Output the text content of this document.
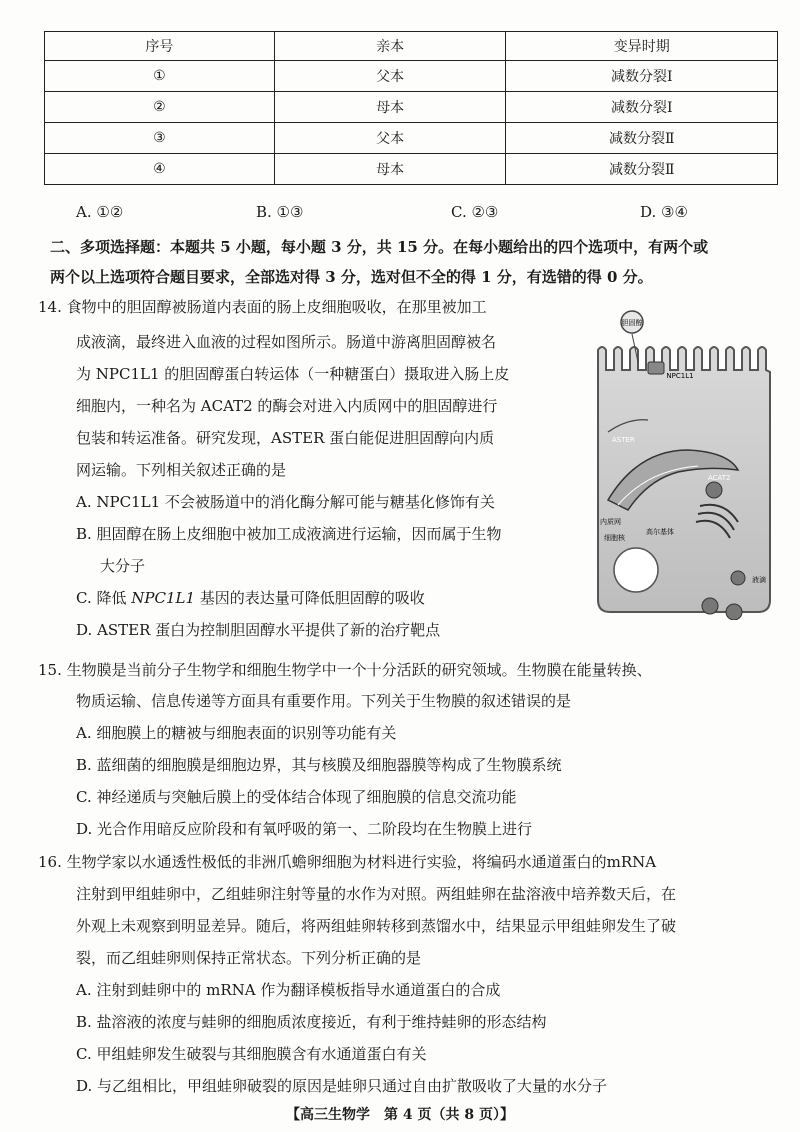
序号	亲本	变异时期
①	父本	减数分裂Ⅰ
②	母本	减数分裂Ⅰ
③	父本	减数分裂Ⅱ
④	母本	减数分裂Ⅱ
A. ①②	B. ①③	C. ②③	D. ③④
二、多项选择题：本题共 5 小题，每小题 3 分，共 15 分。在每小题给出的四个选项中，有两个或
两个以上选项符合题目要求，全部选对得 3 分，选对但不全的得 1 分，有选错的得 0 分。
14. 食物中的胆固醇被肠道内表面的肠上皮细胞吸收，在那里被加工
成液滴，最终进入血液的过程如图所示。肠道中游离胆固醇被名
为 NPC1L1 的胆固醇蛋白转运体（一种糖蛋白）摄取进入肠上皮
细胞内，一种名为 ACAT2 的酶会对进入内质网中的胆固醇进行
包装和转运准备。研究发现，ASTER 蛋白能促进胆固醇向内质
网运输。下列相关叙述正确的是
A. NPC1L1 不会被肠道中的消化酶分解可能与糖基化修饰有关
B. 胆固醇在肠上皮细胞中被加工成液滴进行运输，因而属于生物
大分子
C. 降低 NPC1L1 基因的表达量可降低胆固醇的吸收
D. ASTER 蛋白为控制胆固醇水平提供了新的治疗靶点
胆固醇
NPC1L1
ASTER
ACAT2
内质网
高尔基体
细胞核
液滴
15. 生物膜是当前分子生物学和细胞生物学中一个十分活跃的研究领域。生物膜在能量转换、
物质运输、信息传递等方面具有重要作用。下列关于生物膜的叙述错误的是
A. 细胞膜上的糖被与细胞表面的识别等功能有关
B. 蓝细菌的细胞膜是细胞边界，其与核膜及细胞器膜等构成了生物膜系统
C. 神经递质与突触后膜上的受体结合体现了细胞膜的信息交流功能
D. 光合作用暗反应阶段和有氧呼吸的第一、二阶段均在生物膜上进行
16. 生物学家以水通透性极低的非洲爪蟾卵细胞为材料进行实验，将编码水通道蛋白的mRNA
注射到甲组蛙卵中，乙组蛙卵注射等量的水作为对照。两组蛙卵在盐溶液中培养数天后，在
外观上未观察到明显差异。随后，将两组蛙卵转移到蒸馏水中，结果显示甲组蛙卵发生了破
裂，而乙组蛙卵则保持正常状态。下列分析正确的是
A. 注射到蛙卵中的 mRNA 作为翻译模板指导水通道蛋白的合成
B. 盐溶液的浓度与蛙卵的细胞质浓度接近，有利于维持蛙卵的形态结构
C. 甲组蛙卵发生破裂与其细胞膜含有水通道蛋白有关
D. 与乙组相比，甲组蛙卵破裂的原因是蛙卵只通过自由扩散吸收了大量的水分子
【高三生物学　第 4 页（共 8 页）】
